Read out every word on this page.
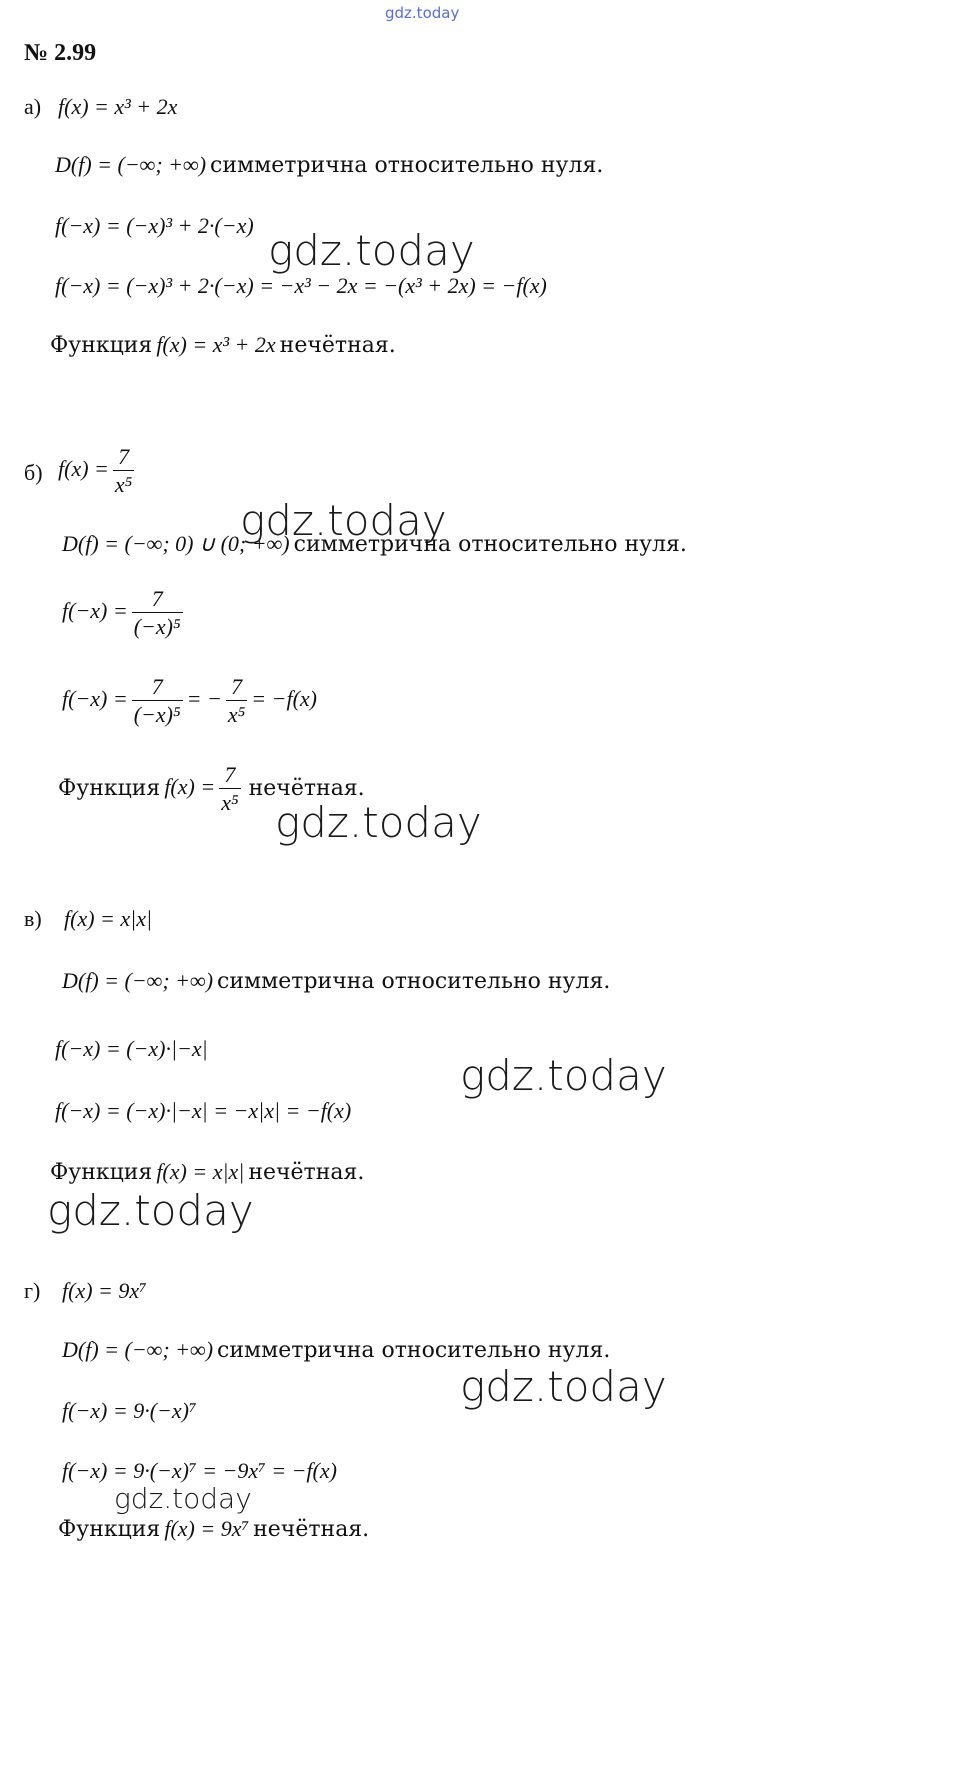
gdz.today
№ 2.99
а) f(x) = x³ + 2x
D(f) = (−∞; +∞) симметрична относительно нуля.
f(−x) = (−x)³ + 2·(−x)
gdz.today
f(−x) = (−x)³ + 2·(−x) = −x³ − 2x = −(x³ + 2x) = −f(x)
Функция f(x) = x³ + 2x нечётная.
б) $f(x) = \frac{7}{\text{x⁵}}$
gdz.today
D(f) = (−∞; 0) ∪ (0; +∞) симметрична относительно нуля.
$f(-x) = \frac{7}{\text{(−x)⁵}}$
$f(-x) = \frac{7}{\text{(−x)⁵}}$ = − $\frac{7}{\text{x⁵}} = -f(x)$
Функция $f(x) = \frac{7}{\text{x⁵}}$ нечётная.
gdz.today
в) f(x) = x|x|
D(f) = (−∞; +∞) симметрична относительно нуля.
f(−x) = (−x)·|−x|
gdz.today
f(−x) = (−x)·|−x| = −x|x| = −f(x)
Функция f(x) = x|x| нечётная.
gdz.today
г) f(x) = 9x⁷
D(f) = (−∞; +∞) симметрична относительно нуля.
gdz.today
f(−x) = 9·(−x)⁷
f(−x) = 9·(−x)⁷ = −9x⁷ = −f(x)
gdz.today
Функция f(x) = 9x⁷ нечётная.
